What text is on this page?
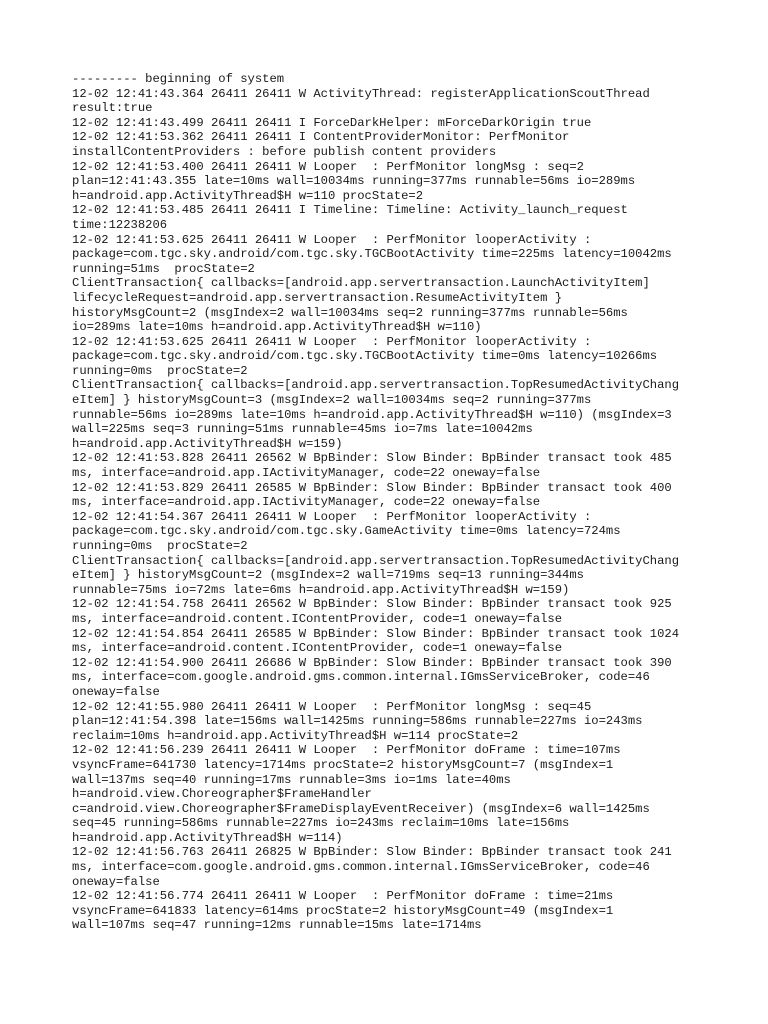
--------- beginning of system
12-02 12:41:43.364 26411 26411 W ActivityThread: registerApplicationScoutThread
result:true
12-02 12:41:43.499 26411 26411 I ForceDarkHelper: mForceDarkOrigin true
12-02 12:41:53.362 26411 26411 I ContentProviderMonitor: PerfMonitor
installContentProviders : before publish content providers
12-02 12:41:53.400 26411 26411 W Looper  : PerfMonitor longMsg : seq=2
plan=12:41:43.355 late=10ms wall=10034ms running=377ms runnable=56ms io=289ms
h=android.app.ActivityThread$H w=110 procState=2
12-02 12:41:53.485 26411 26411 I Timeline: Timeline: Activity_launch_request
time:12238206
12-02 12:41:53.625 26411 26411 W Looper  : PerfMonitor looperActivity :
package=com.tgc.sky.android/com.tgc.sky.TGCBootActivity time=225ms latency=10042ms
running=51ms  procState=2
ClientTransaction{ callbacks=[android.app.servertransaction.LaunchActivityItem]
lifecycleRequest=android.app.servertransaction.ResumeActivityItem }
historyMsgCount=2 (msgIndex=2 wall=10034ms seq=2 running=377ms runnable=56ms
io=289ms late=10ms h=android.app.ActivityThread$H w=110)
12-02 12:41:53.625 26411 26411 W Looper  : PerfMonitor looperActivity :
package=com.tgc.sky.android/com.tgc.sky.TGCBootActivity time=0ms latency=10266ms
running=0ms  procState=2
ClientTransaction{ callbacks=[android.app.servertransaction.TopResumedActivityChang
eItem] } historyMsgCount=3 (msgIndex=2 wall=10034ms seq=2 running=377ms
runnable=56ms io=289ms late=10ms h=android.app.ActivityThread$H w=110) (msgIndex=3
wall=225ms seq=3 running=51ms runnable=45ms io=7ms late=10042ms
h=android.app.ActivityThread$H w=159)
12-02 12:41:53.828 26411 26562 W BpBinder: Slow Binder: BpBinder transact took 485
ms, interface=android.app.IActivityManager, code=22 oneway=false
12-02 12:41:53.829 26411 26585 W BpBinder: Slow Binder: BpBinder transact took 400
ms, interface=android.app.IActivityManager, code=22 oneway=false
12-02 12:41:54.367 26411 26411 W Looper  : PerfMonitor looperActivity :
package=com.tgc.sky.android/com.tgc.sky.GameActivity time=0ms latency=724ms
running=0ms  procState=2
ClientTransaction{ callbacks=[android.app.servertransaction.TopResumedActivityChang
eItem] } historyMsgCount=2 (msgIndex=2 wall=719ms seq=13 running=344ms
runnable=75ms io=72ms late=6ms h=android.app.ActivityThread$H w=159)
12-02 12:41:54.758 26411 26562 W BpBinder: Slow Binder: BpBinder transact took 925
ms, interface=android.content.IContentProvider, code=1 oneway=false
12-02 12:41:54.854 26411 26585 W BpBinder: Slow Binder: BpBinder transact took 1024
ms, interface=android.content.IContentProvider, code=1 oneway=false
12-02 12:41:54.900 26411 26686 W BpBinder: Slow Binder: BpBinder transact took 390
ms, interface=com.google.android.gms.common.internal.IGmsServiceBroker, code=46
oneway=false
12-02 12:41:55.980 26411 26411 W Looper  : PerfMonitor longMsg : seq=45
plan=12:41:54.398 late=156ms wall=1425ms running=586ms runnable=227ms io=243ms
reclaim=10ms h=android.app.ActivityThread$H w=114 procState=2
12-02 12:41:56.239 26411 26411 W Looper  : PerfMonitor doFrame : time=107ms
vsyncFrame=641730 latency=1714ms procState=2 historyMsgCount=7 (msgIndex=1
wall=137ms seq=40 running=17ms runnable=3ms io=1ms late=40ms
h=android.view.Choreographer$FrameHandler
c=android.view.Choreographer$FrameDisplayEventReceiver) (msgIndex=6 wall=1425ms
seq=45 running=586ms runnable=227ms io=243ms reclaim=10ms late=156ms
h=android.app.ActivityThread$H w=114)
12-02 12:41:56.763 26411 26825 W BpBinder: Slow Binder: BpBinder transact took 241
ms, interface=com.google.android.gms.common.internal.IGmsServiceBroker, code=46
oneway=false
12-02 12:41:56.774 26411 26411 W Looper  : PerfMonitor doFrame : time=21ms
vsyncFrame=641833 latency=614ms procState=2 historyMsgCount=49 (msgIndex=1
wall=107ms seq=47 running=12ms runnable=15ms late=1714ms
